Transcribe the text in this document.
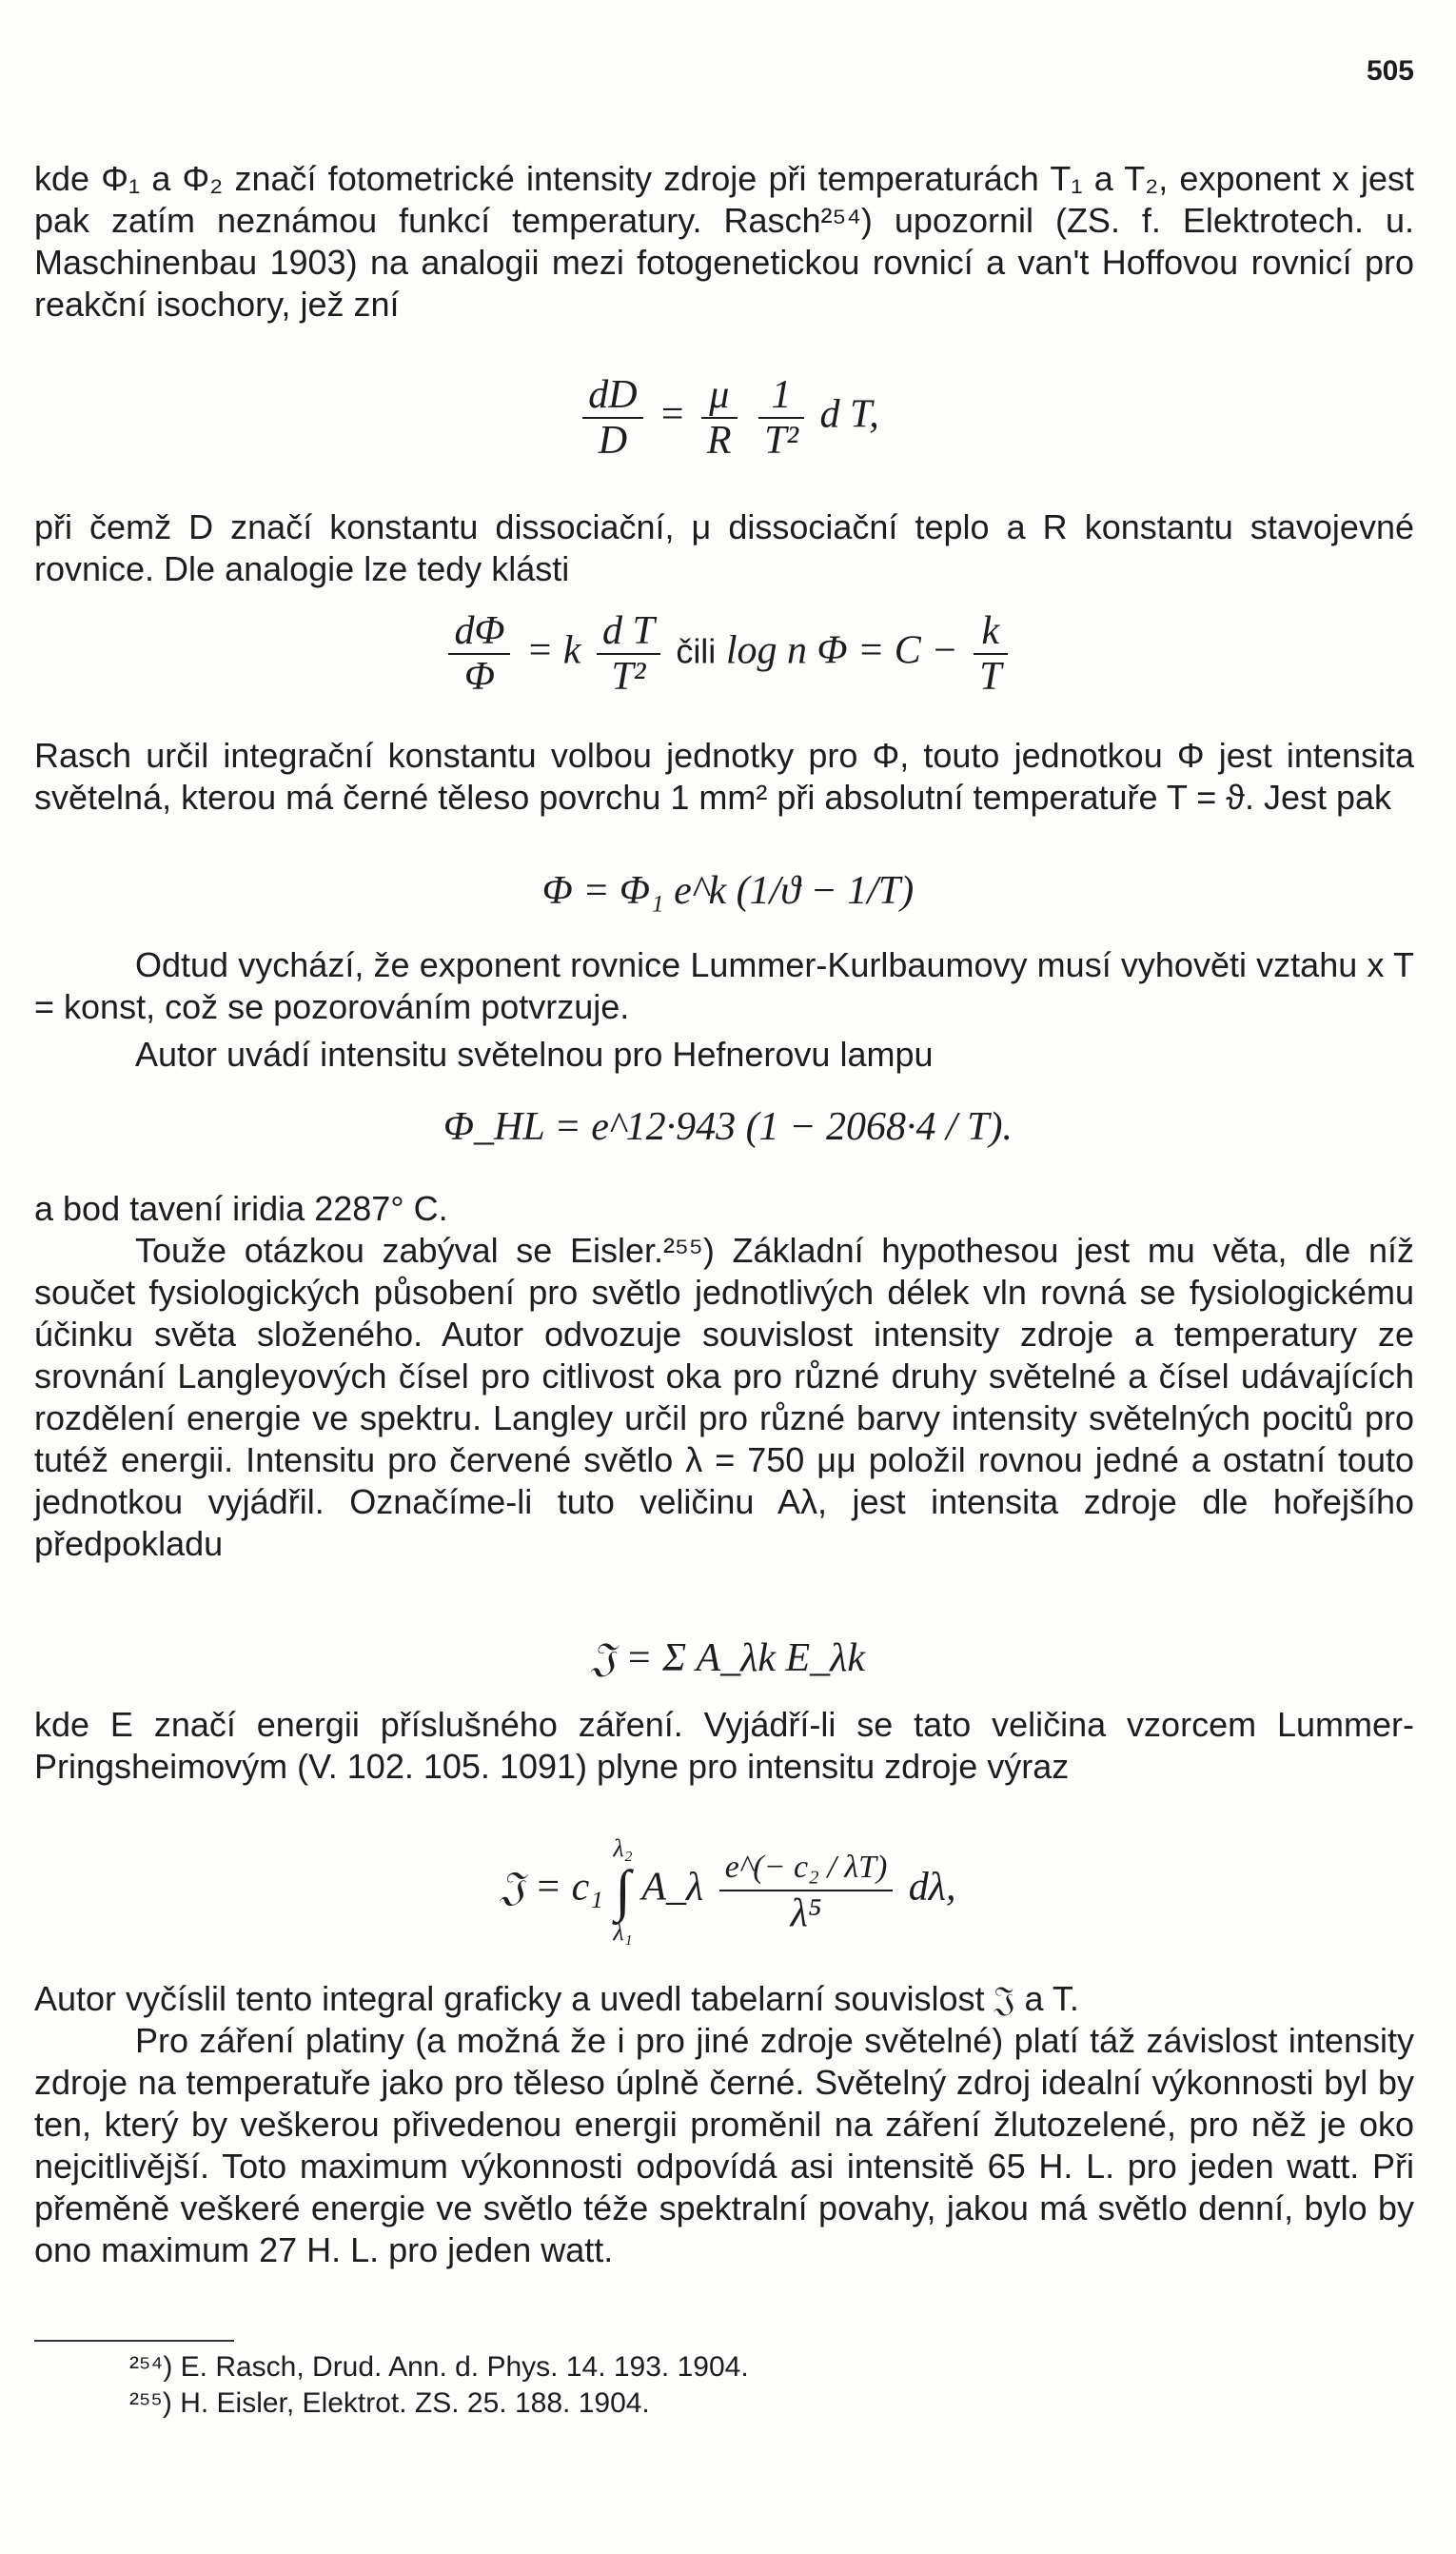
505

kde Φ₁ a Φ₂ značí fotometrické intensity zdroje při temperaturách T₁ a T₂, exponent x jest pak zatím neznámou funkcí temperatury. Rasch²⁵⁴) upozornil (ZS. f. Elektrotech. u. Maschinenbau 1903) na analogii mezi fotogenetickou rovnicí a van't Hoffovou rovnicí pro reakční isochory, jež zní

$\frac{dD}{D} = \frac{\mu}{R}$
$\frac{1}{\text{T²}}$ d T,

při čemž D značí konstantu dissociační, μ dissociační teplo a R konstantu stavojevné rovnice. Dle analogie lze tedy klásti

$\frac{d\Phi}{\Phi} = k \frac{\text{d T}}{\text{T²}}$ čili log n $\Phi = C - \frac{k}{T}$

Rasch určil integrační konstantu volbou jednotky pro Φ, touto jednotkou Φ jest intensita světelná, kterou má černé těleso povrchu 1 mm² při absolutní temperatuře T = ϑ. Jest pak

Φ = Φ₁ e^k (1/ϑ − 1/T)

Odtud vychází, že exponent rovnice Lummer-Kurlbaumovy musí vyhověti vztahu x T = konst, což se pozorováním potvrzuje.

Autor uvádí intensitu světelnou pro Hefnerovu lampu

Φ_HL = e^12·943 (1 − 2068·4 / T).

a bod tavení iridia 2287° C.

Touže otázkou zabýval se Eisler.²⁵⁵) Základní hypothesou jest mu věta, dle níž součet fysiologických působení pro světlo jednotlivých délek vln rovná se fysiologickému účinku světa složeného. Autor odvozuje souvislost intensity zdroje a temperatury ze srovnání Langleyových čísel pro citlivost oka pro různé druhy světelné a čísel udávajících rozdělení energie ve spektru. Langley určil pro různé barvy intensity světelných pocitů pro tutéž energii. Intensitu pro červené světlo λ = 750 μμ položil rovnou jedné a ostatní touto jednotkou vyjádřil. Označíme-li tuto veličinu Aλ, jest intensita zdroje dle hořejšího předpokladu

𝔍 = Σ A_λk E_λk

kde E značí energii příslušného záření. Vyjádří-li se tato veličina vzorcem Lummer-Pringsheimovým (V. 102. 105. 1091) plyne pro intensitu zdroje výraz

𝔍 = c₁
λ₂
∫
λ₁
A_λ $\frac{\text{e\textasciicircum{}(− c₂ / λT)}}{\text{λ⁵}} d\lambda$,

Autor vyčíslil tento integral graficky a uvedl tabelarní souvislost 𝔍 a T.

Pro záření platiny (a možná že i pro jiné zdroje světelné) platí táž závislost intensity zdroje na temperatuře jako pro těleso úplně černé. Světelný zdroj idealní výkonnosti byl by ten, který by veškerou přivedenou energii proměnil na záření žlutozelené, pro něž je oko nejcitlivější. Toto maximum výkonnosti odpovídá asi intensitě 65 H. L. pro jeden watt. Při přeměně veškeré energie ve světlo téže spektralní povahy, jakou má světlo denní, bylo by ono maximum 27 H. L. pro jeden watt.

²⁵⁴) E. Rasch, Drud. Ann. d. Phys. 14. 193. 1904.
²⁵⁵) H. Eisler, Elektrot. ZS. 25. 188. 1904.
